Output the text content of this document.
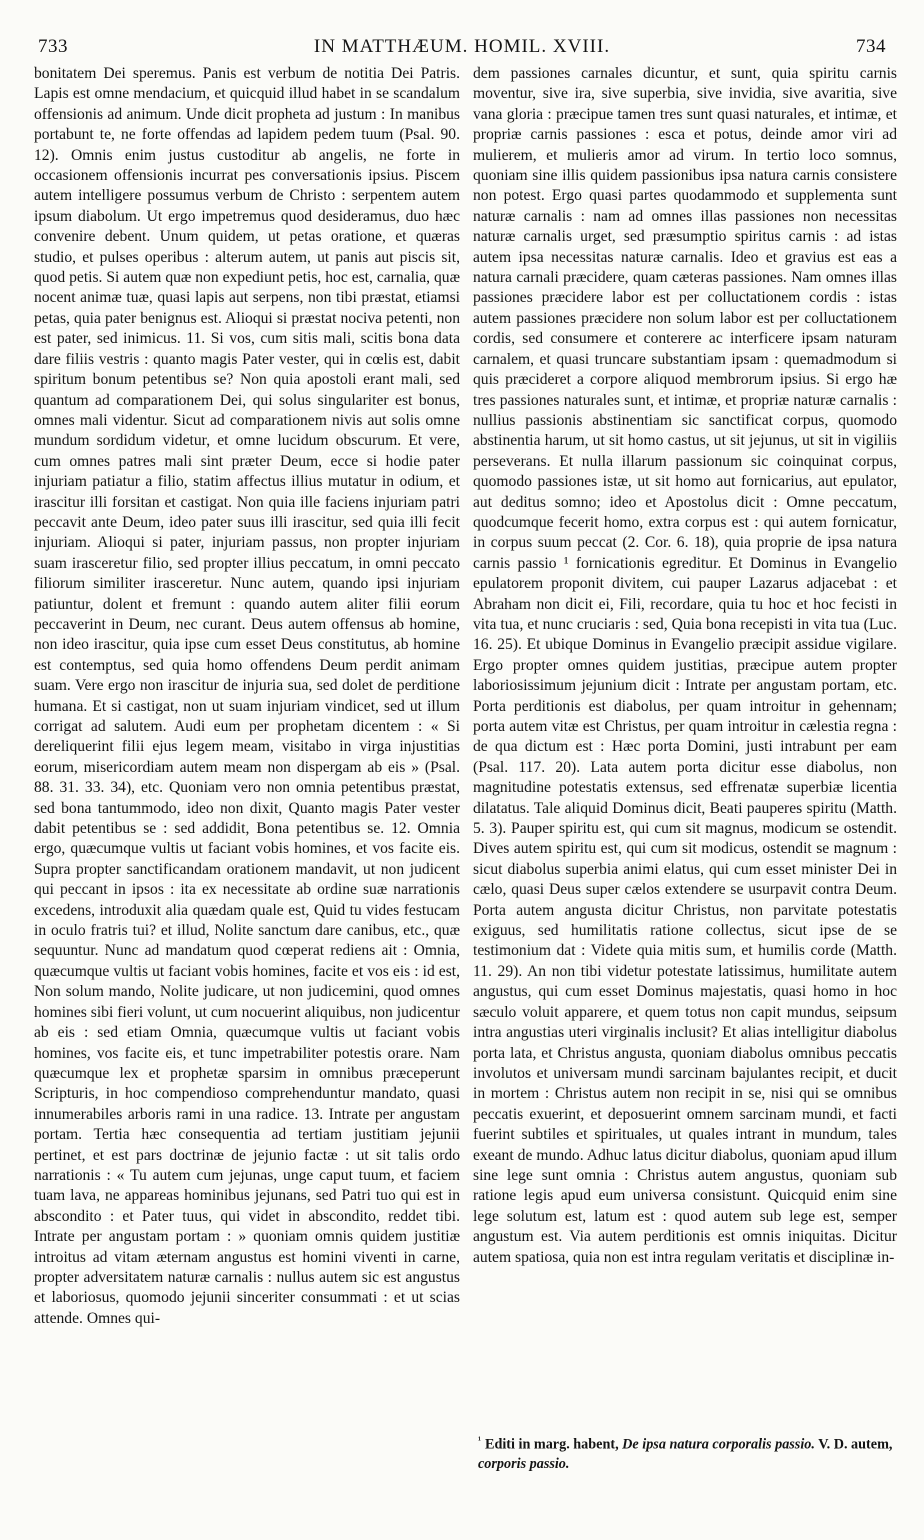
733	IN MATTHÆUM. HOMIL. XVIII.	734

bonitatem Dei speremus. Panis est verbum de notitia Dei Patris. Lapis est omne mendacium, et quicquid illud habet in se scandalum offensionis ad animum. Unde dicit propheta ad justum : In manibus portabunt te, ne forte offendas ad lapidem pedem tuum (Psal. 90. 12). Omnis enim justus custoditur ab angelis, ne forte in occasionem offensionis incurrat pes conversationis ipsius. Piscem autem intelligere possumus verbum de Christo : serpentem autem ipsum diabolum. Ut ergo impetremus quod desideramus, duo hæc convenire debent. Unum quidem, ut petas oratione, et quæras studio, et pulses operibus : alterum autem, ut panis aut piscis sit, quod petis. Si autem quæ non expediunt petis, hoc est, carnalia, quæ nocent animæ tuæ, quasi lapis aut serpens, non tibi præstat, etiamsi petas, quia pater benignus est. Alioqui si præstat nociva petenti, non est pater, sed inimicus. 11. Si vos, cum sitis mali, scitis bona data dare filiis vestris : quanto magis Pater vester, qui in cœlis est, dabit spiritum bonum petentibus se? Non quia apostoli erant mali, sed quantum ad comparationem Dei, qui solus singulariter est bonus, omnes mali videntur. Sicut ad comparationem nivis aut solis omne mundum sordidum videtur, et omne lucidum obscurum. Et vere, cum omnes patres mali sint præter Deum, ecce si hodie pater injuriam patiatur a filio, statim affectus illius mutatur in odium, et irascitur illi forsitan et castigat. Non quia ille faciens injuriam patri peccavit ante Deum, ideo pater suus illi irascitur, sed quia illi fecit injuriam. Alioqui si pater, injuriam passus, non propter injuriam suam irasceretur filio, sed propter illius peccatum, in omni peccato filiorum similiter irasceretur. Nunc autem, quando ipsi injuriam patiuntur, dolent et fremunt : quando autem aliter filii eorum peccaverint in Deum, nec curant. Deus autem offensus ab homine, non ideo irascitur, quia ipse cum esset Deus constitutus, ab homine est contemptus, sed quia homo offendens Deum perdit animam suam. Vere ergo non irascitur de injuria sua, sed dolet de perditione humana. Et si castigat, non ut suam injuriam vindicet, sed ut illum corrigat ad salutem. Audi eum per prophetam dicentem : « Si dereliquerint filii ejus legem meam, visitabo in virga injustitias eorum, misericordiam autem meam non dispergam ab eis » (Psal. 88. 31. 33. 34), etc. Quoniam vero non omnia petentibus præstat, sed bona tantummodo, ideo non dixit, Quanto magis Pater vester dabit petentibus se : sed addidit, Bona petentibus se. 12. Omnia ergo, quæcumque vultis ut faciant vobis homines, et vos facite eis. Supra propter sanctificandam orationem mandavit, ut non judicent qui peccant in ipsos : ita ex necessitate ab ordine suæ narrationis excedens, introduxit alia quædam quale est, Quid tu vides festucam in oculo fratris tui? et illud, Nolite sanctum dare canibus, etc., quæ sequuntur. Nunc ad mandatum quod cœperat rediens ait : Omnia, quæcumque vultis ut faciant vobis homines, facite et vos eis : id est, Non solum mando, Nolite judicare, ut non judicemini, quod omnes homines sibi fieri volunt, ut cum nocuerint aliquibus, non judicentur ab eis : sed etiam Omnia, quæcumque vultis ut faciant vobis homines, vos facite eis, et tunc impetrabiliter potestis orare. Nam quæcumque lex et prophetæ sparsim in omnibus præceperunt Scripturis, in hoc compendioso comprehenduntur mandato, quasi innumerabiles arboris rami in una radice. 13. Intrate per angustam portam. Tertia hæc consequentia ad tertiam justitiam jejunii pertinet, et est pars doctrinæ de jejunio factæ : ut sit talis ordo narrationis : « Tu autem cum jejunas, unge caput tuum, et faciem tuam lava, ne appareas hominibus jejunans, sed Patri tuo qui est in abscondito : et Pater tuus, qui videt in abscondito, reddet tibi. Intrate per angustam portam : » quoniam omnis quidem justitiæ introitus ad vitam æternam angustus est homini viventi in carne, propter adversitatem naturæ carnalis : nullus autem sic est angustus et laboriosus, quomodo jejunii sinceriter consummati : et ut scias attende. Omnes qui-

dem passiones carnales dicuntur, et sunt, quia spiritu carnis moventur, sive ira, sive superbia, sive invidia, sive avaritia, sive vana gloria : præcipue tamen tres sunt quasi naturales, et intimæ, et propriæ carnis passiones : esca et potus, deinde amor viri ad mulierem, et mulieris amor ad virum. In tertio loco somnus, quoniam sine illis quidem passionibus ipsa natura carnis consistere non potest. Ergo quasi partes quodammodo et supplementa sunt naturæ carnalis : nam ad omnes illas passiones non necessitas naturæ carnalis urget, sed præsumptio spiritus carnis : ad istas autem ipsa necessitas naturæ carnalis. Ideo et gravius est eas a natura carnali præcidere, quam cæteras passiones. Nam omnes illas passiones præcidere labor est per colluctationem cordis : istas autem passiones præcidere non solum labor est per colluctationem cordis, sed consumere et conterere ac interficere ipsam naturam carnalem, et quasi truncare substantiam ipsam : quemadmodum si quis præcideret a corpore aliquod membrorum ipsius. Si ergo hæ tres passiones naturales sunt, et intimæ, et propriæ naturæ carnalis : nullius passionis abstinentiam sic sanctificat corpus, quomodo abstinentia harum, ut sit homo castus, ut sit jejunus, ut sit in vigiliis perseverans. Et nulla illarum passionum sic coinquinat corpus, quomodo passiones istæ, ut sit homo aut fornicarius, aut epulator, aut deditus somno; ideo et Apostolus dicit : Omne peccatum, quodcumque fecerit homo, extra corpus est : qui autem fornicatur, in corpus suum peccat (2. Cor. 6. 18), quia proprie de ipsa natura carnis passio ¹ fornicationis egreditur. Et Dominus in Evangelio epulatorem proponit divitem, cui pauper Lazarus adjacebat : et Abraham non dicit ei, Fili, recordare, quia tu hoc et hoc fecisti in vita tua, et nunc cruciaris : sed, Quia bona recepisti in vita tua (Luc. 16. 25). Et ubique Dominus in Evangelio præcipit assidue vigilare. Ergo propter omnes quidem justitias, præcipue autem propter laboriosissimum jejunium dicit : Intrate per angustam portam, etc. Porta perditionis est diabolus, per quam introitur in gehennam; porta autem vitæ est Christus, per quam introitur in cælestia regna : de qua dictum est : Hæc porta Domini, justi intrabunt per eam (Psal. 117. 20). Lata autem porta dicitur esse diabolus, non magnitudine potestatis extensus, sed effrenatæ superbiæ licentia dilatatus. Tale aliquid Dominus dicit, Beati pauperes spiritu (Matth. 5. 3). Pauper spiritu est, qui cum sit magnus, modicum se ostendit. Dives autem spiritu est, qui cum sit modicus, ostendit se magnum : sicut diabolus superbia animi elatus, qui cum esset minister Dei in cælo, quasi Deus super cælos extendere se usurpavit contra Deum. Porta autem angusta dicitur Christus, non parvitate potestatis exiguus, sed humilitatis ratione collectus, sicut ipse de se testimonium dat : Videte quia mitis sum, et humilis corde (Matth. 11. 29). An non tibi videtur potestate latissimus, humilitate autem angustus, qui cum esset Dominus majestatis, quasi homo in hoc sæculo voluit apparere, et quem totus non capit mundus, seipsum intra angustias uteri virginalis inclusit? Et alias intelligitur diabolus porta lata, et Christus angusta, quoniam diabolus omnibus peccatis involutos et universam mundi sarcinam bajulantes recipit, et ducit in mortem : Christus autem non recipit in se, nisi qui se omnibus peccatis exuerint, et deposuerint omnem sarcinam mundi, et facti fuerint subtiles et spirituales, ut quales intrant in mundum, tales exeant de mundo. Adhuc latus dicitur diabolus, quoniam apud illum sine lege sunt omnia : Christus autem angustus, quoniam sub ratione legis apud eum universa consistunt. Quicquid enim sine lege solutum est, latum est : quod autem sub lege est, semper angustum est. Via autem perditionis est omnis iniquitas. Dicitur autem spatiosa, quia non est intra regulam veritatis et disciplinæ in-

$^{^1}$ Editi in marg. habent, De ipsa natura corporalis passio. V. D. autem, corporis passio.
